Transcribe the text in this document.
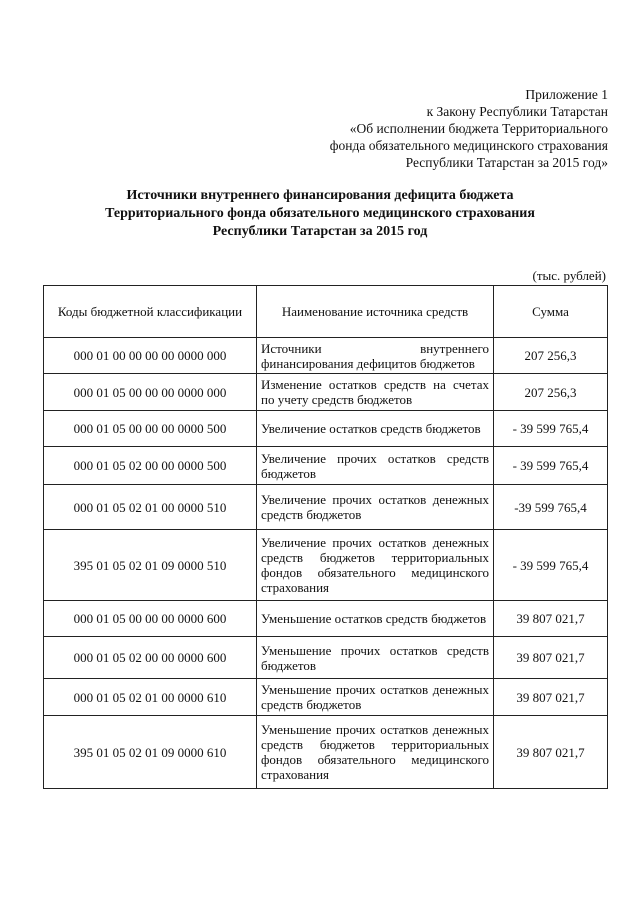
Приложение 1
к Закону Республики Татарстан
«Об исполнении бюджета Территориального
фонда обязательного медицинского страхования
Республики Татарстан за 2015 год»
Источники внутреннего финансирования дефицита бюджета
Территориального фонда обязательного медицинского страхования
Республики Татарстан за 2015 год
(тыс. рублей)
Коды бюджетной классификации	Наименование источника средств	Сумма
000 01 00 00 00 00 0000 000	Источники внутреннего финансирования дефицитов бюджетов	207 256,3
000 01 05 00 00 00 0000 000	Изменение остатков средств на счетах по учету средств бюджетов	207 256,3
000 01 05 00 00 00 0000 500	Увеличение остатков средств бюджетов	- 39 599 765,4
000 01 05 02 00 00 0000 500	Увеличение прочих остатков средств бюджетов	- 39 599 765,4
000 01 05 02 01 00 0000 510	Увеличение прочих остатков денежных средств бюджетов	-39 599 765,4
395 01 05 02 01 09 0000 510	Увеличение прочих остатков денежных средств бюджетов территориальных фондов обязательного медицинского страхования	- 39 599 765,4
000 01 05 00 00 00 0000 600	Уменьшение остатков средств бюджетов	39 807 021,7
000 01 05 02 00 00 0000 600	Уменьшение прочих остатков средств бюджетов	39 807 021,7
000 01 05 02 01 00 0000 610	Уменьшение прочих остатков денежных средств бюджетов	39 807 021,7
395 01 05 02 01 09 0000 610	Уменьшение прочих остатков денежных средств бюджетов территориальных фондов обязательного медицинского страхования	39 807 021,7
